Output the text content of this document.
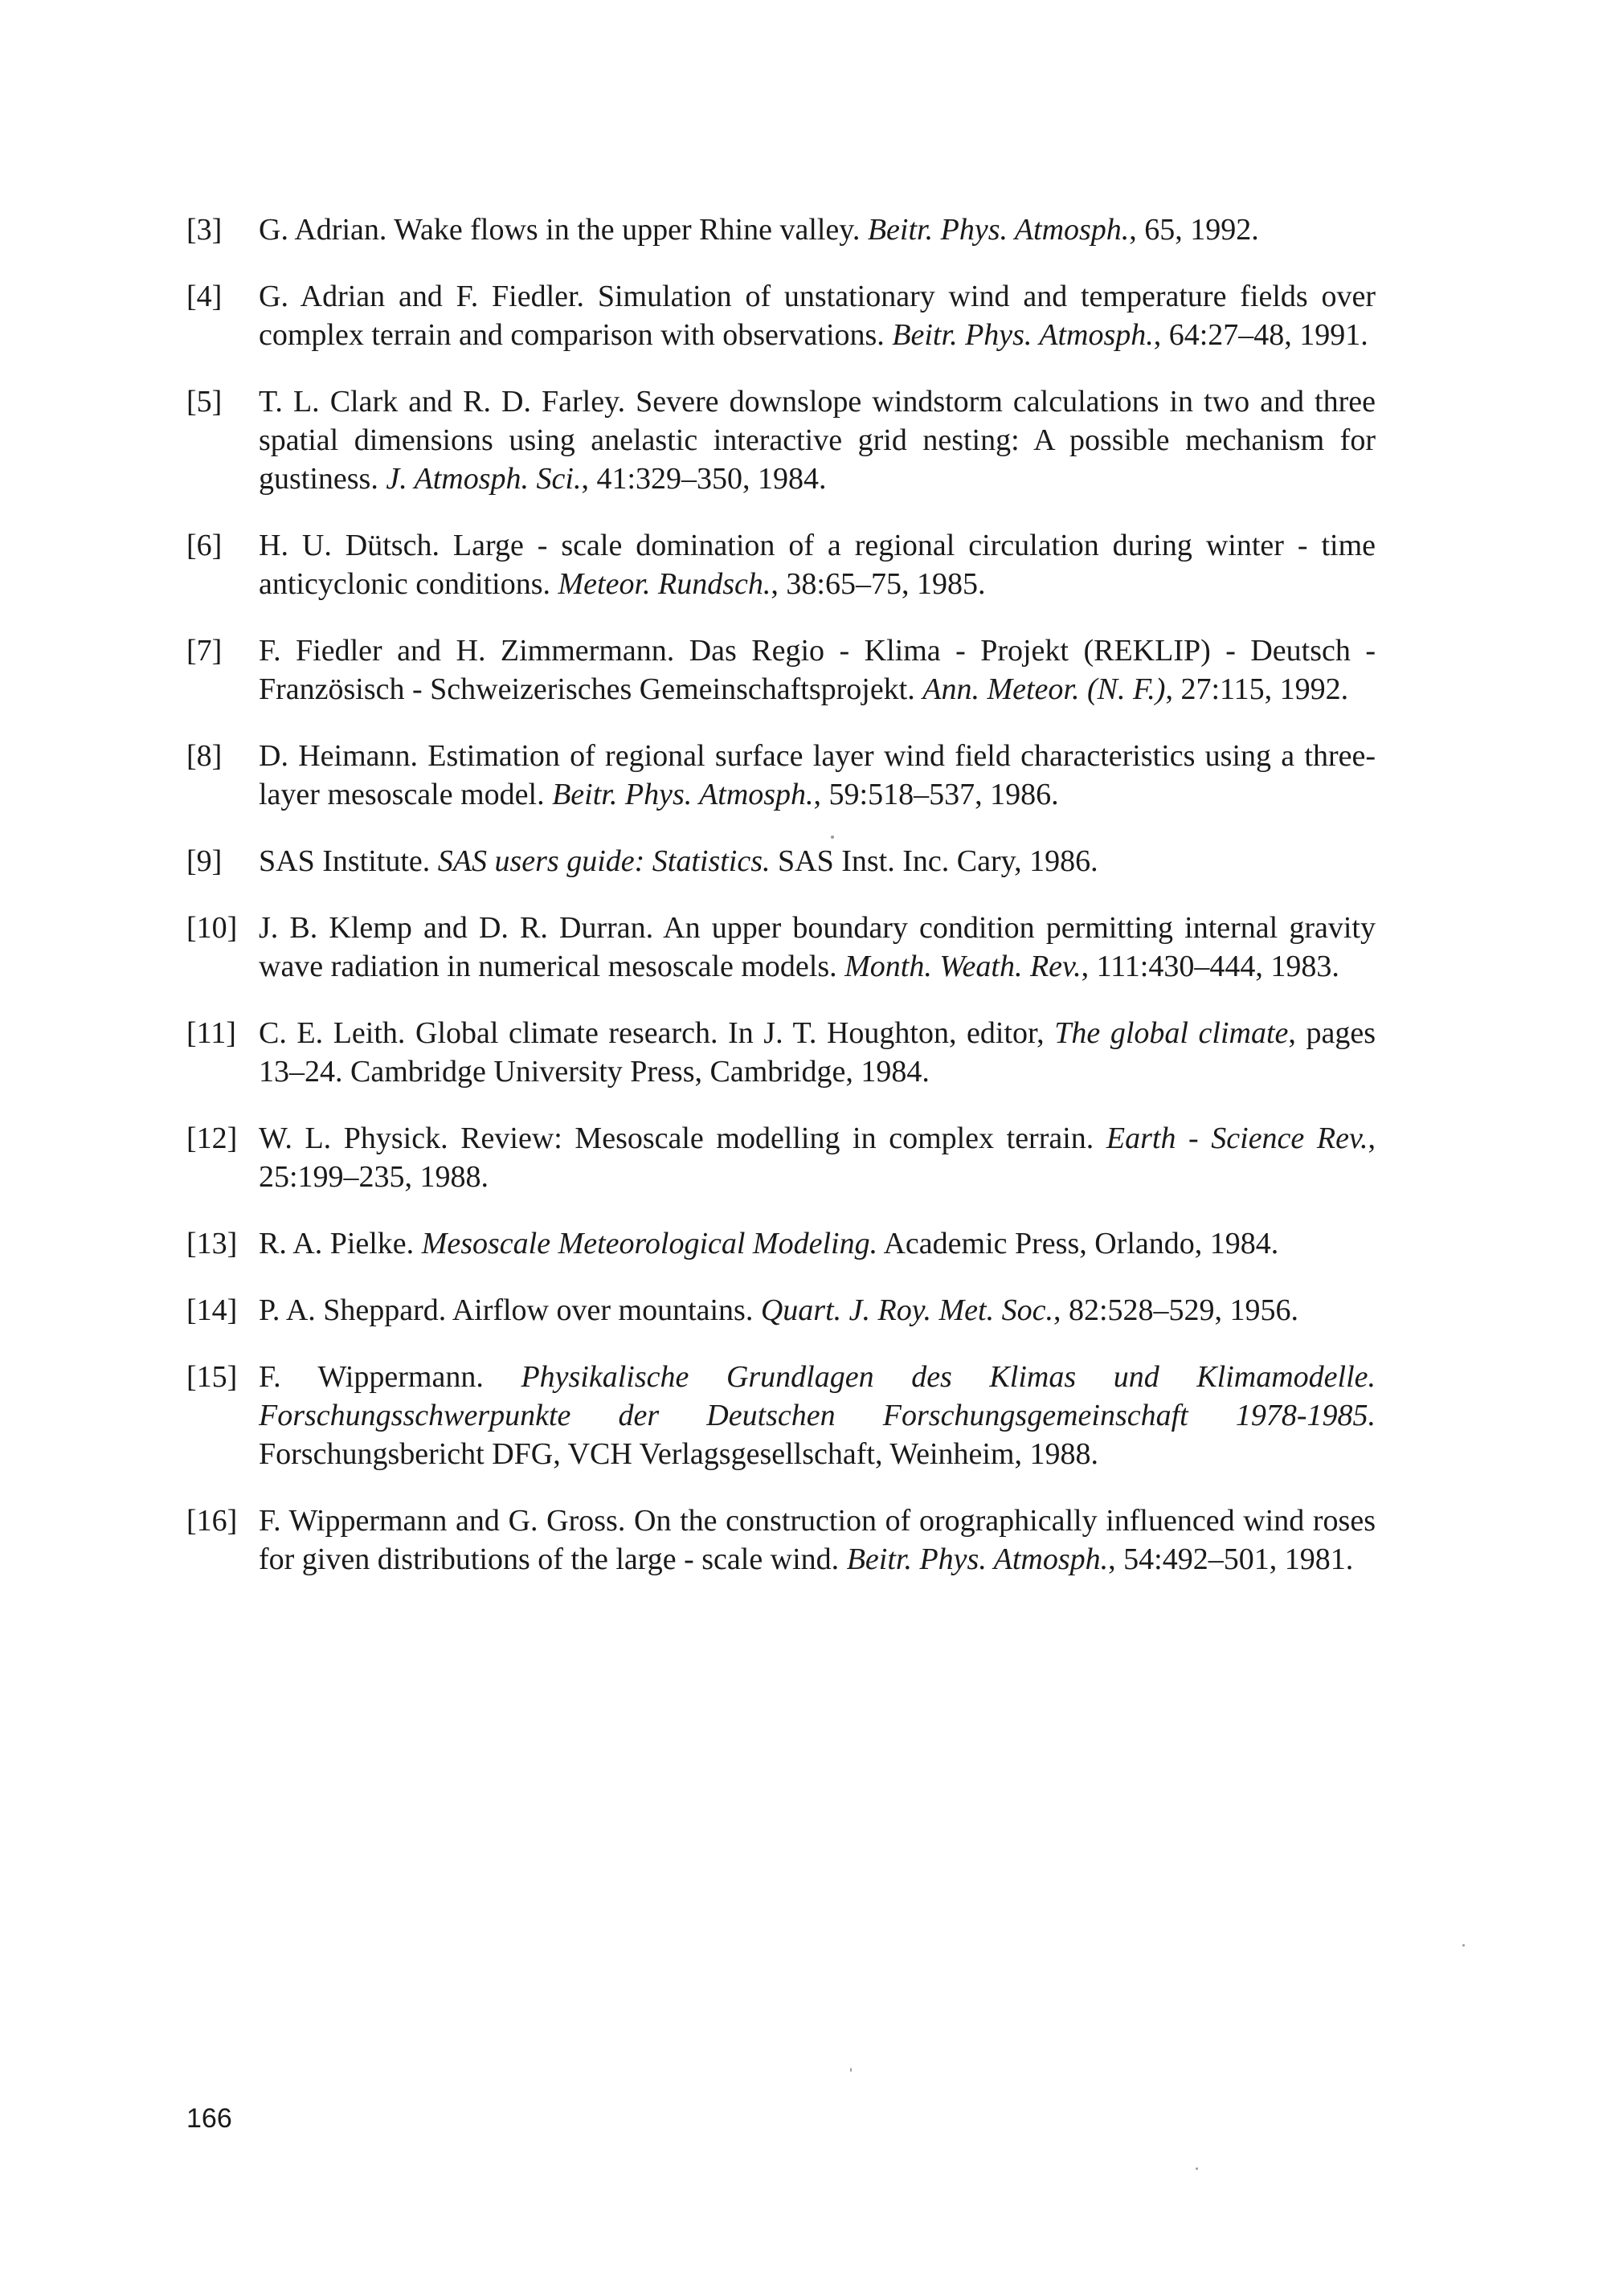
[3]	G. Adrian. Wake flows in the upper Rhine valley. Beitr. Phys. Atmosph., 65, 1992.
[4]	G. Adrian and F. Fiedler. Simulation of unstationary wind and temperature fields over complex terrain and comparison with observations. Beitr. Phys. Atmosph., 64:27–48, 1991.
[5]	T. L. Clark and R. D. Farley. Severe downslope windstorm calculations in two and three spatial dimensions using anelastic interactive grid nesting: A possible mechanism for gustiness. J. Atmosph. Sci., 41:329–350, 1984.
[6]	H. U. Dütsch. Large - scale domination of a regional circulation during winter - time anticyclonic conditions. Meteor. Rundsch., 38:65–75, 1985.
[7]	F. Fiedler and H. Zimmermann. Das Regio - Klima - Projekt (REKLIP) - Deutsch - Französisch - Schweizerisches Gemeinschaftsprojekt. Ann. Meteor. (N. F.), 27:115, 1992.
[8]	D. Heimann. Estimation of regional surface layer wind field characteristics using a three-layer mesoscale model. Beitr. Phys. Atmosph., 59:518–537, 1986.
[9]	SAS Institute. SAS users guide: Statistics. SAS Inst. Inc. Cary, 1986.
[10] J. B. Klemp and D. R. Durran. An upper boundary condition permitting internal gravity wave radiation in numerical mesoscale models. Month. Weath. Rev., 111:430–444, 1983.
[11] C. E. Leith. Global climate research. In J. T. Houghton, editor, The global climate, pages 13–24. Cambridge University Press, Cambridge, 1984.
[12] W. L. Physick. Review: Mesoscale modelling in complex terrain. Earth - Science Rev., 25:199–235, 1988.
[13] R. A. Pielke. Mesoscale Meteorological Modeling. Academic Press, Orlando, 1984.
[14] P. A. Sheppard. Airflow over mountains. Quart. J. Roy. Met. Soc., 82:528–529, 1956.
[15] F. Wippermann. Physikalische Grundlagen des Klimas und Klimamodelle. Forschungsschwerpunkte der Deutschen Forschungsgemeinschaft 1978-1985. Forschungsbericht DFG, VCH Verlagsgesellschaft, Weinheim, 1988.
[16] F. Wippermann and G. Gross. On the construction of orographically influenced wind roses for given distributions of the large - scale wind. Beitr. Phys. Atmosph., 54:492–501, 1981.
166
